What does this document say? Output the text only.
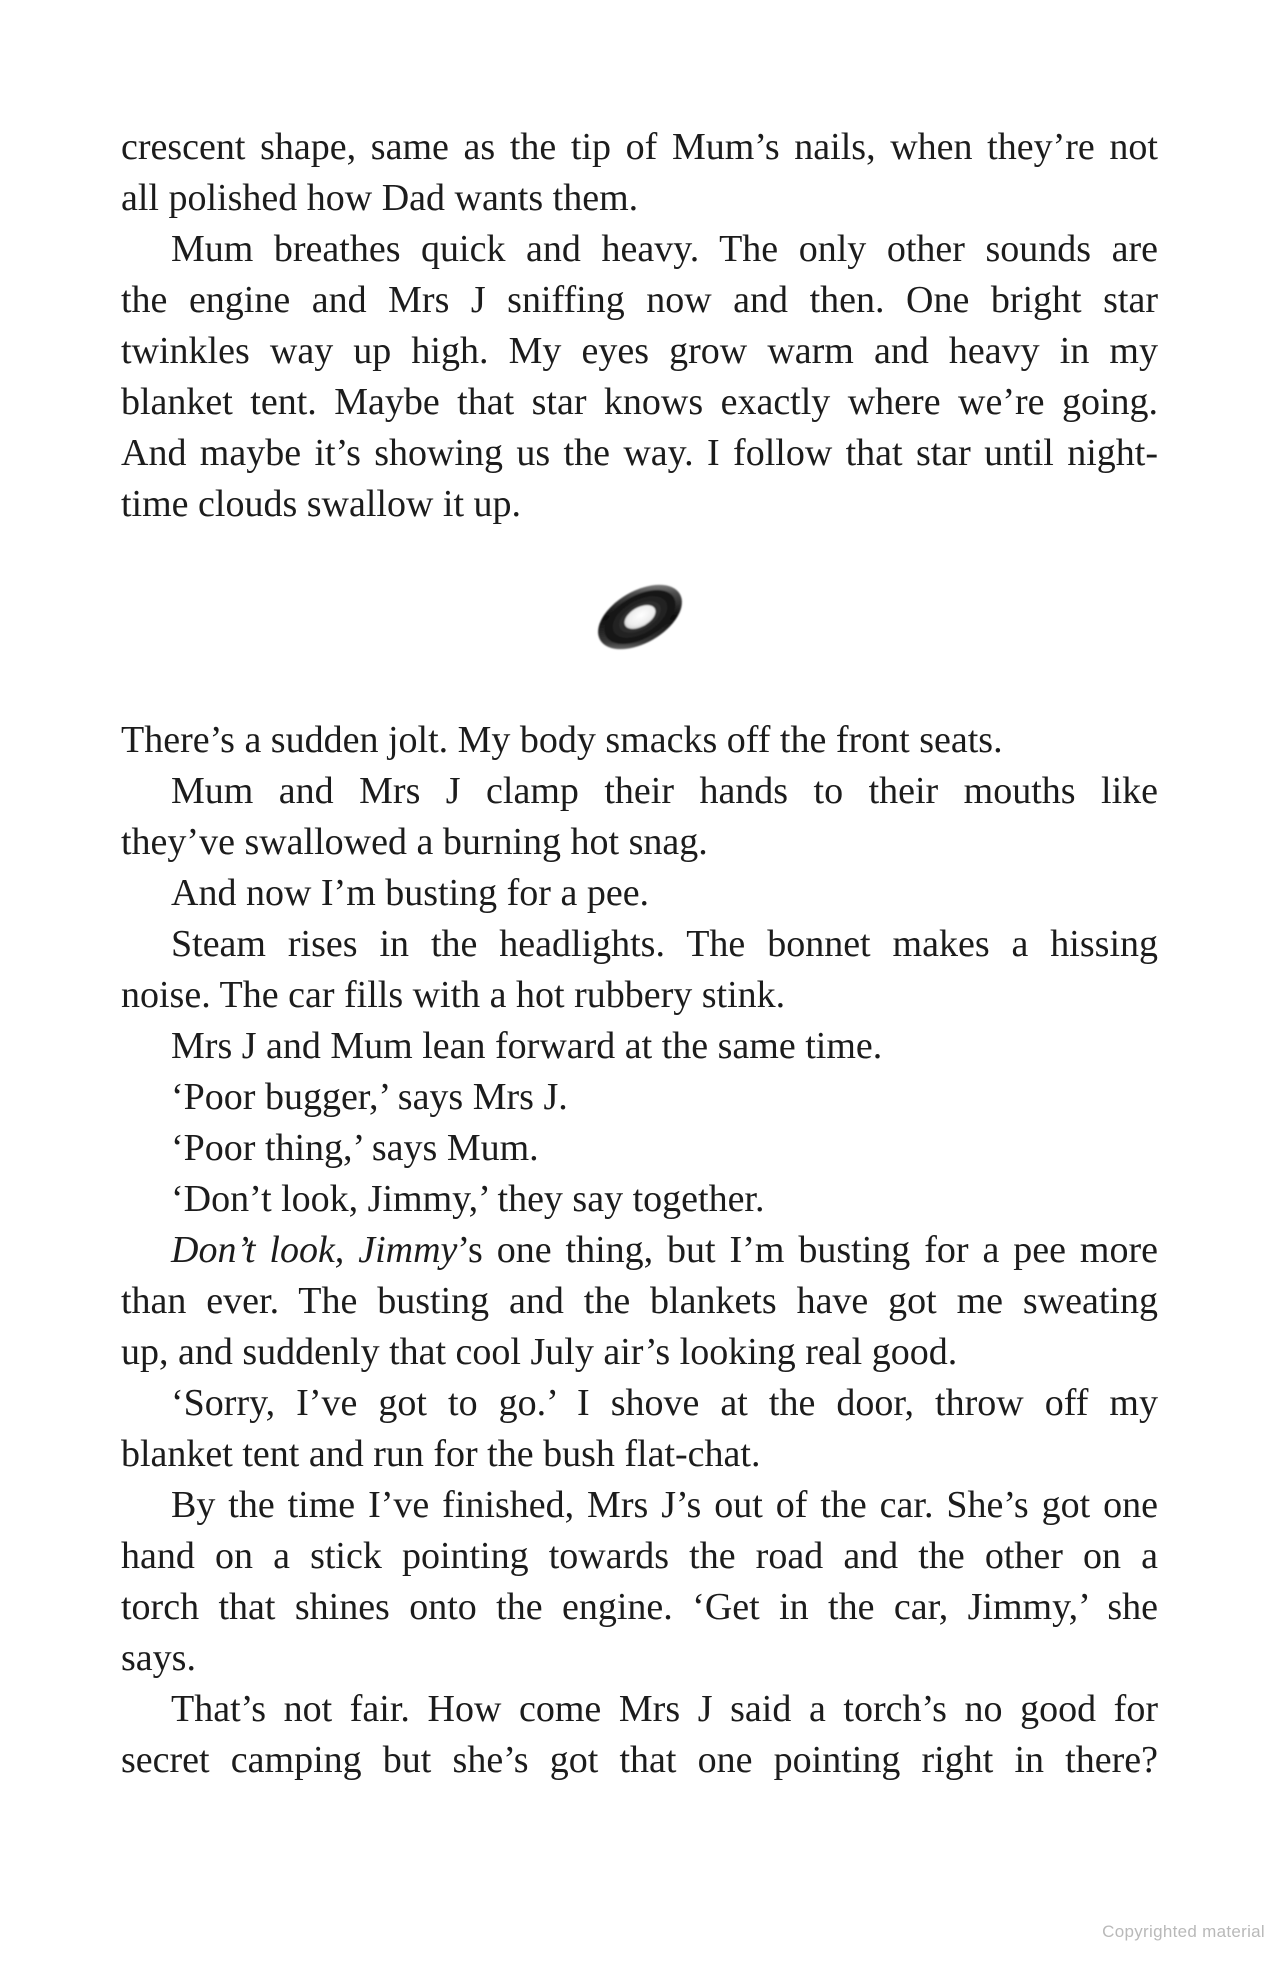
crescent shape, same as the tip of Mum’s nails, when they’re not
all polished how Dad wants them.
Mum breathes quick and heavy. The only other sounds are
the engine and Mrs J sniffing now and then. One bright star
twinkles way up high. My eyes grow warm and heavy in my
blanket tent. Maybe that star knows exactly where we’re going.
And maybe it’s showing us the way. I follow that star until night-
time clouds swallow it up.
There’s a sudden jolt. My body smacks off the front seats.
Mum and Mrs J clamp their hands to their mouths like
they’ve swallowed a burning hot snag.
And now I’m busting for a pee.
Steam rises in the headlights. The bonnet makes a hissing
noise. The car fills with a hot rubbery stink.
Mrs J and Mum lean forward at the same time.
‘Poor bugger,’ says Mrs J.
‘Poor thing,’ says Mum.
‘Don’t look, Jimmy,’ they say together.
Don’t look, Jimmy’s one thing, but I’m busting for a pee more
than ever. The busting and the blankets have got me sweating
up, and suddenly that cool July air’s looking real good.
‘Sorry, I’ve got to go.’ I shove at the door, throw off my
blanket tent and run for the bush flat-chat.
By the time I’ve finished, Mrs J’s out of the car. She’s got one
hand on a stick pointing towards the road and the other on a
torch that shines onto the engine. ‘Get in the car, Jimmy,’ she
says.
That’s not fair. How come Mrs J said a torch’s no good for
secret camping but she’s got that one pointing right in there?
Copyrighted material
